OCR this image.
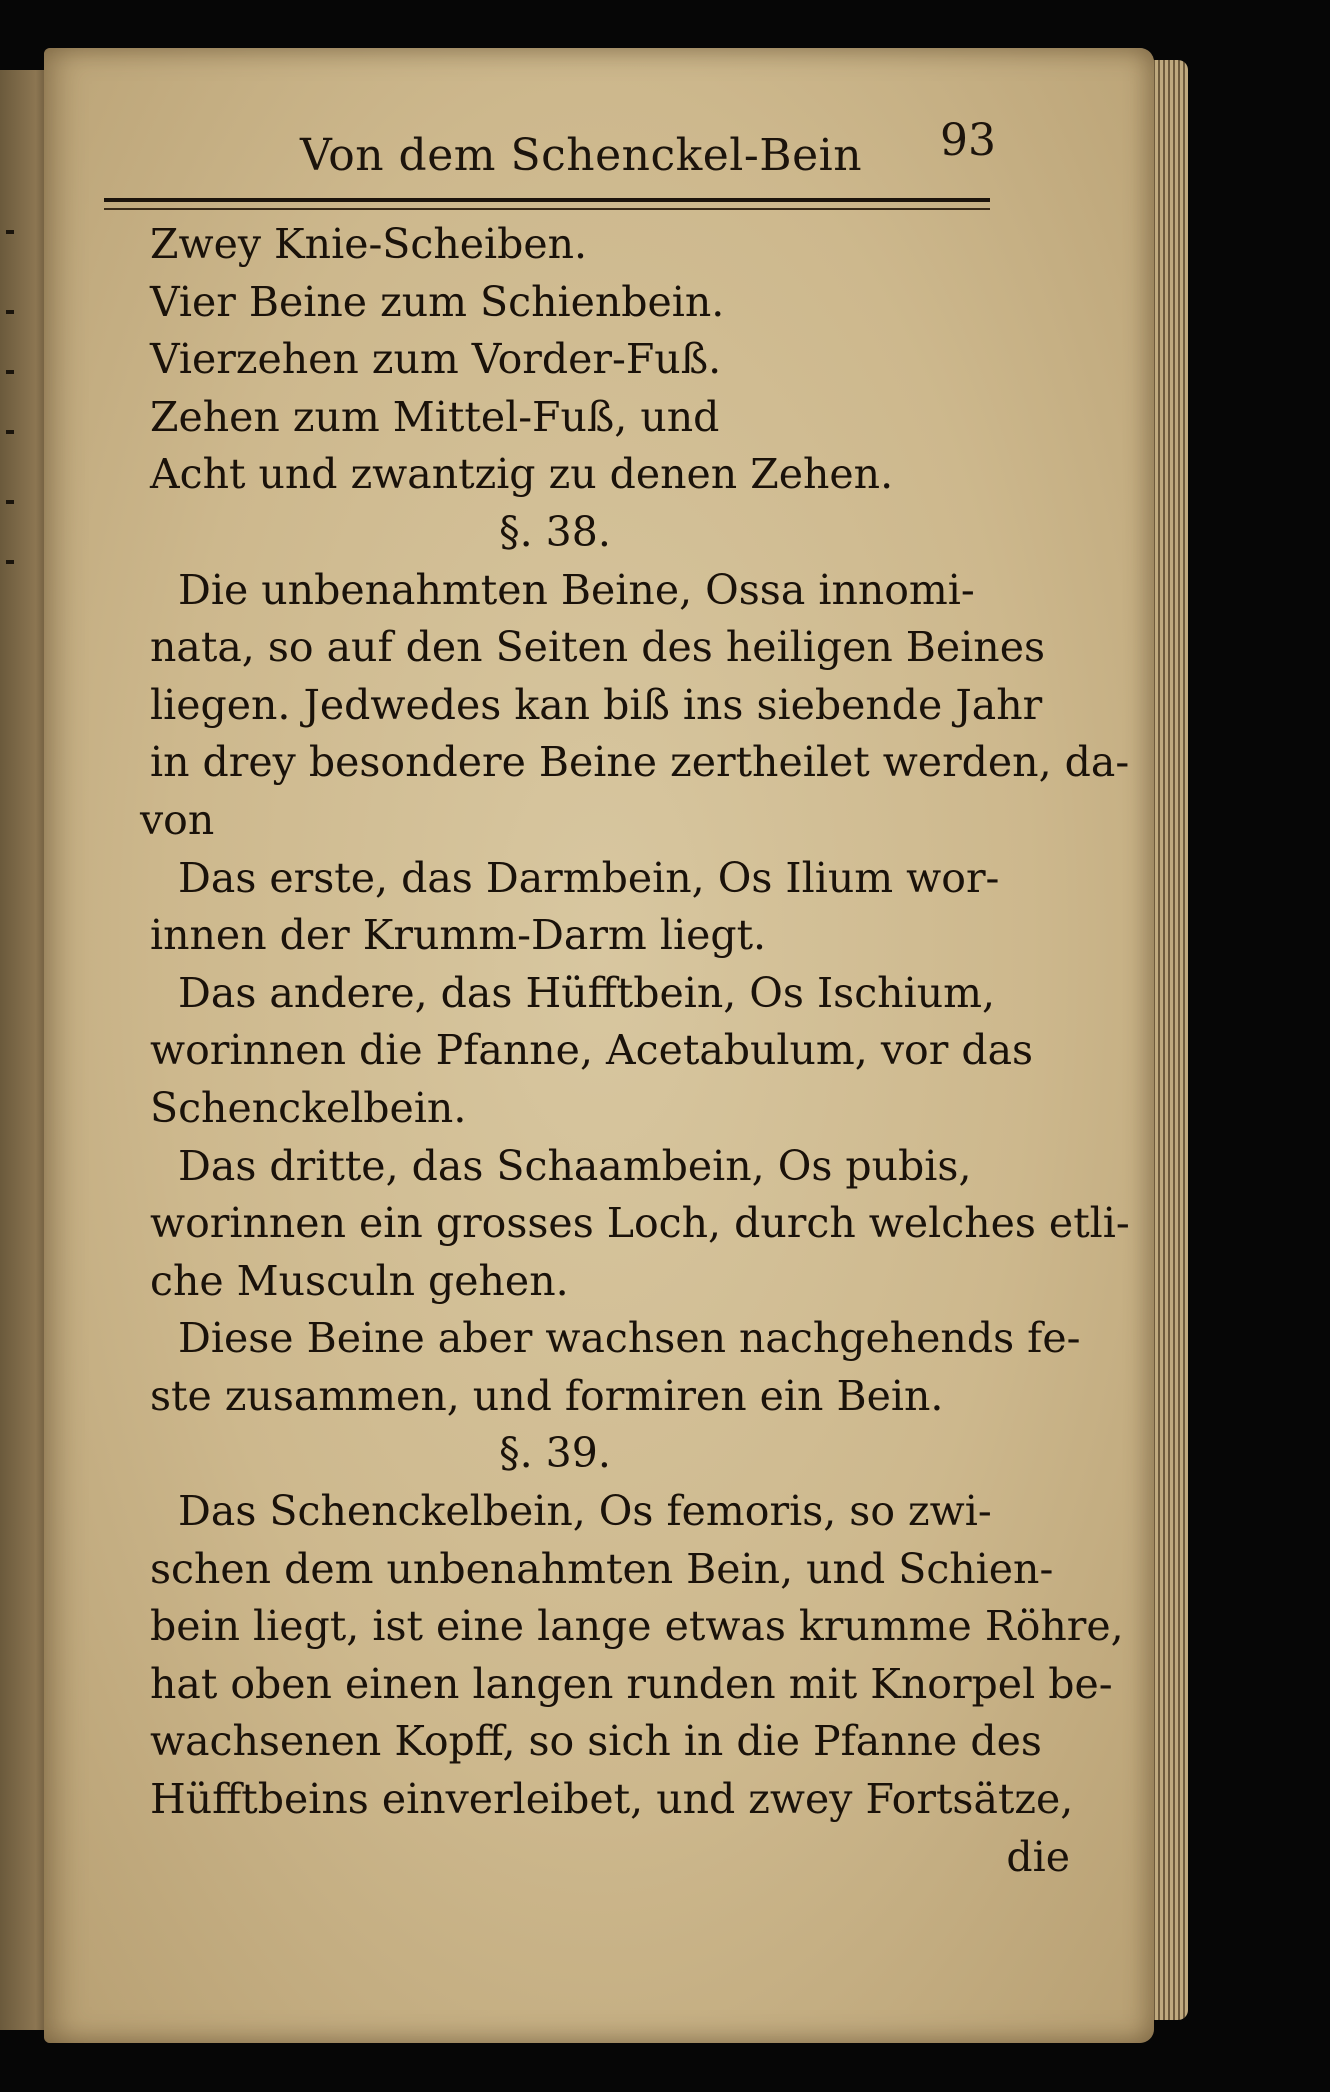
Von dem Schenckel-Bein 93
Zwey Knie-Scheiben.
Vier Beine zum Schienbein.
Vierzehen zum Vorder-Fuß.
Zehen zum Mittel-Fuß, und
Acht und zwantzig zu denen Zehen.
§. 38.
Die unbenahmten Beine, Ossa innomi-
nata, so auf den Seiten des heiligen Beines
liegen. Jedwedes kan biß ins siebende Jahr
in drey besondere Beine zertheilet werden, da-
von
Das erste, das Darmbein, Os Ilium wor-
innen der Krumm-Darm liegt.
Das andere, das Hüfftbein, Os Ischium,
worinnen die Pfanne, Acetabulum, vor das
Schenckelbein.
Das dritte, das Schaambein, Os pubis,
worinnen ein grosses Loch, durch welches etli-
che Musculn gehen.
Diese Beine aber wachsen nachgehends fe-
ste zusammen, und formiren ein Bein.
§. 39.
Das Schenckelbein, Os femoris, so zwi-
schen dem unbenahmten Bein, und Schien-
bein liegt, ist eine lange etwas krumme Röhre,
hat oben einen langen runden mit Knorpel be-
wachsenen Kopff, so sich in die Pfanne des
Hüfftbeins einverleibet, und zwey Fortsätze,
die
